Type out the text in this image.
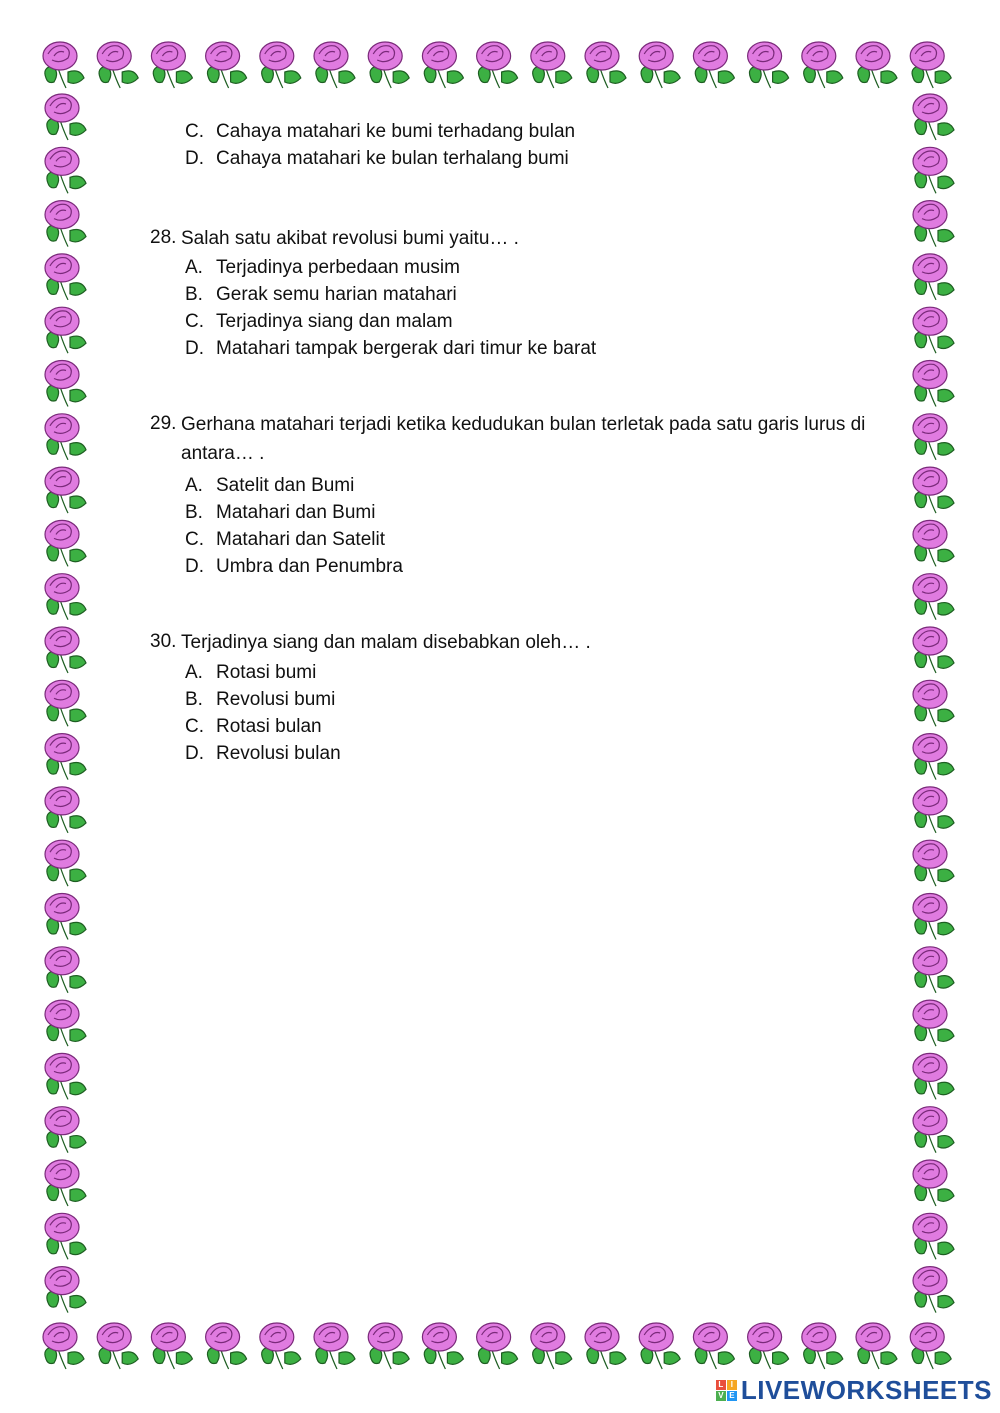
C. Cahaya matahari ke bumi terhadang bulan
D. Cahaya matahari ke bulan terhalang bumi
28. Salah satu akibat revolusi bumi yaitu… .
A. Terjadinya perbedaan musim
B. Gerak semu harian matahari
C. Terjadinya siang dan malam
D. Matahari tampak bergerak dari timur ke barat
29. Gerhana matahari terjadi ketika kedudukan bulan terletak pada satu garis lurus di antara… .
A. Satelit dan Bumi
B. Matahari dan Bumi
C. Matahari dan Satelit
D. Umbra dan Penumbra
30. Terjadinya siang dan malam disebabkan oleh… .
A. Rotasi bumi
B. Revolusi bumi
C. Rotasi bulan
D. Revolusi bulan
L I
V E LIVEWORKSHEETS
